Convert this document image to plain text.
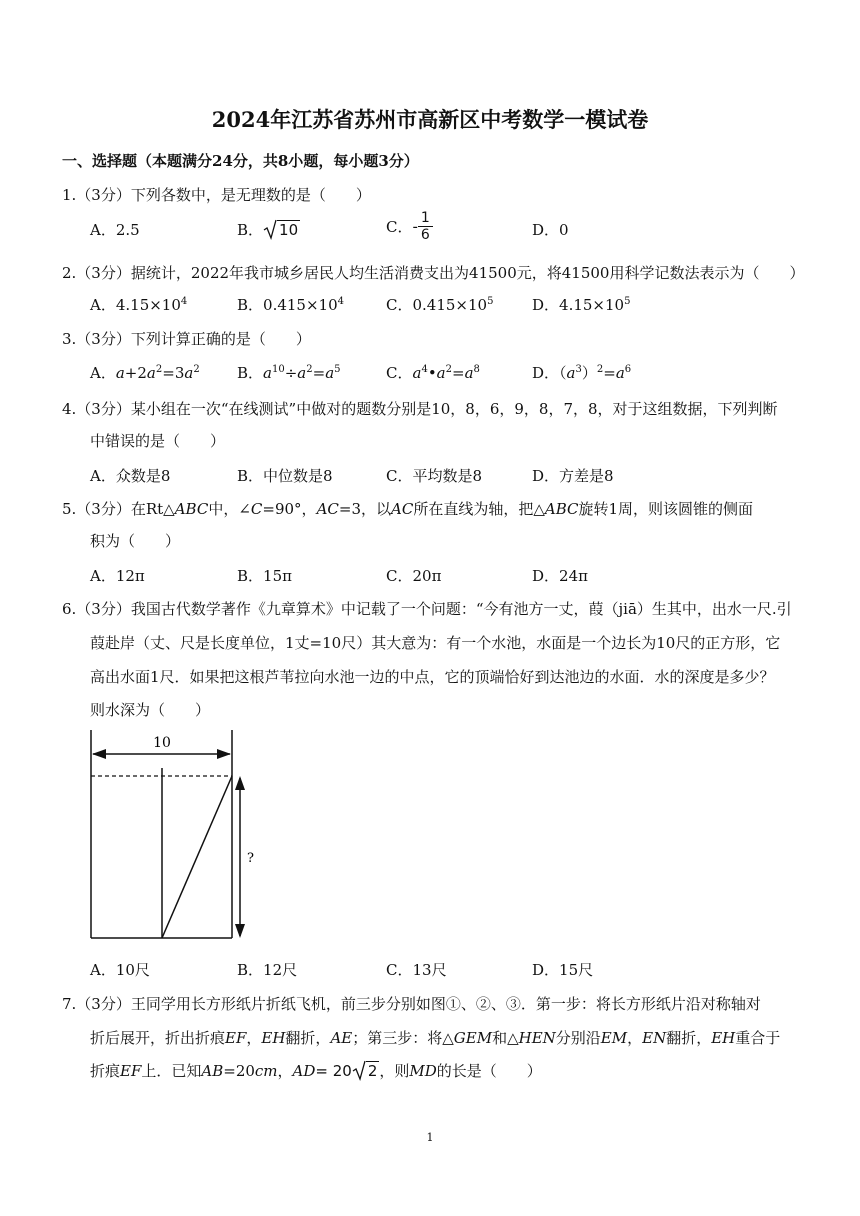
2024年江苏省苏州市高新区中考数学一模试卷
一、选择题（本题满分24分，共8小题，每小题3分）
1.（3分）下列各数中，是无理数的是（　　）
A．2.5	B． 10	C．- $\frac{1}{6}$	D．0
2.（3分）据统计，2022年我市城乡居民人均生活消费支出为41500元，将41500用科学记数法表示为（　　）
A．$4.15\times 10^4$	B．$0.415\times 10^4$	C．$0.415\times 10^5$	D．$4.15\times 10^5$
3.（3分）下列计算正确的是（　　）
A．$a+2a^2=3a^2$ B．$a^{10}\div a^2=a^5$	C．$a^4•a^2=a^8$	D．$(a^3)^2=a^6$
4.（3分）某小组在一次“在线测试”中做对的题数分别是10，8，6，9，8，7，8，对于这组数据，下列判断
中错误的是（　　）
A．众数是8	B．中位数是8	C．平均数是8	D．方差是8
5.（3分）在Rt△ABC中，∠C=90°，AC=3，以AC所在直线为轴，把△ABC旋转1周，则该圆锥的侧面
积为（　　）
A．12π	B．15π	C．20π	D．24π
6.（3分）我国古代数学著作《九章算术》中记载了一个问题：“今有池方一丈，葭（jiā）生其中，出水一尺.引
葭赴岸（丈、尺是长度单位，1丈=10尺）其大意为：有一个水池，水面是一个边长为10尺的正方形，它
高出水面1尺．如果把这根芦苇拉向水池一边的中点，它的顶端恰好到达池边的水面．水的深度是多少？
则水深为（　　）
10
?
A．10尺	B．12尺	C．13尺	D．15尺
7.（3分）王同学用长方形纸片折纸飞机，前三步分别如图①、②、③．第一步：将长方形纸片沿对称轴对
折后展开，折出折痕EF，EH翻折，AE；第三步：将△GEM和△HEN分别沿EM，EN翻折，EH重合于
折痕EF上．已知AB=20cm，AD= 20 2 ，则MD的长是（　　）
1
